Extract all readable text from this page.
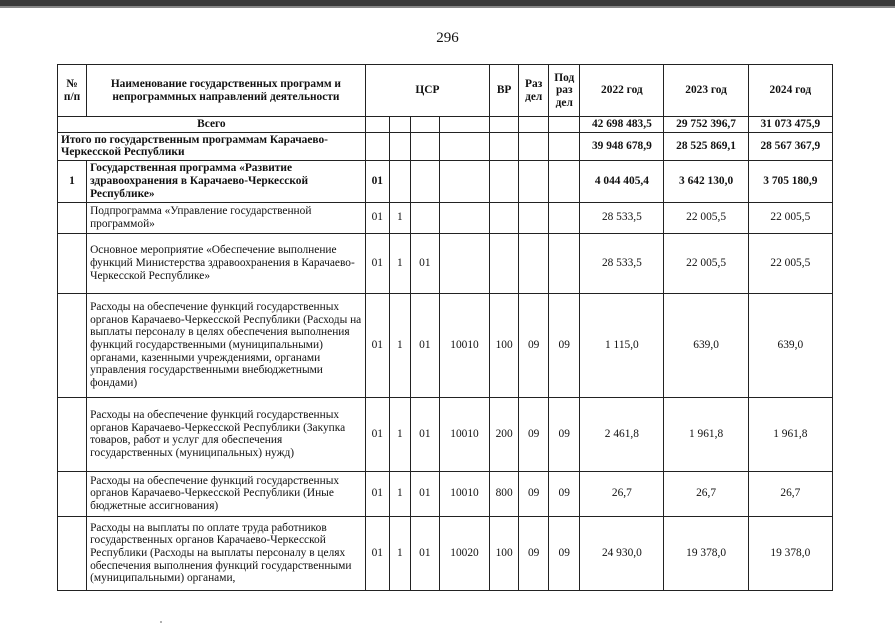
296
№ п/п	Наименование государственных программ и непрограммных направлений деятельности	ЦСР				ВР	Раз дел	Под раз дел	2022 год	2023 год	2024 год
Всего									42 698 483,5	29 752 396,7	31 073 475,9
Итого по государственным программам Карачаево-Черкесской Республики									39 948 678,9	28 525 869,1	28 567 367,9
1	Государственная программа «Развитие здравоохранения в Карачаево-Черкесской Республике»	01							4 044 405,4	3 642 130,0	3 705 180,9
	Подпрограмма «Управление государственной программой»	01	1						28 533,5	22 005,5	22 005,5
	Основное мероприятие «Обеспечение выполнение функций Министерства здравоохранения в Карачаево-Черкесской Республике»	01	1	01					28 533,5	22 005,5	22 005,5
	Расходы на обеспечение функций государственных органов Карачаево-Черкесской Республики (Расходы на выплаты персоналу в целях обеспечения выполнения функций государственными (муниципальными) органами, казенными учреждениями, органами управления государственными внебюджетными фондами)	01	1	01	10010	100	09	09	1 115,0	639,0	639,0
	Расходы на обеспечение функций государственных органов Карачаево-Черкесской Республики (Закупка товаров, работ и услуг для обеспечения государственных (муниципальных) нужд)	01	1	01	10010	200	09	09	2 461,8	1 961,8	1 961,8
	Расходы на обеспечение функций государственных органов Карачаево-Черкесской Республики (Иные бюджетные ассигнования)	01	1	01	10010	800	09	09	26,7	26,7	26,7
	Расходы на выплаты по оплате труда работников государственных органов Карачаево-Черкесской Республики (Расходы на выплаты персоналу в целях обеспечения выполнения функций государственными (муниципальными) органами,	01	1	01	10020	100	09	09	24 930,0	19 378,0	19 378,0
